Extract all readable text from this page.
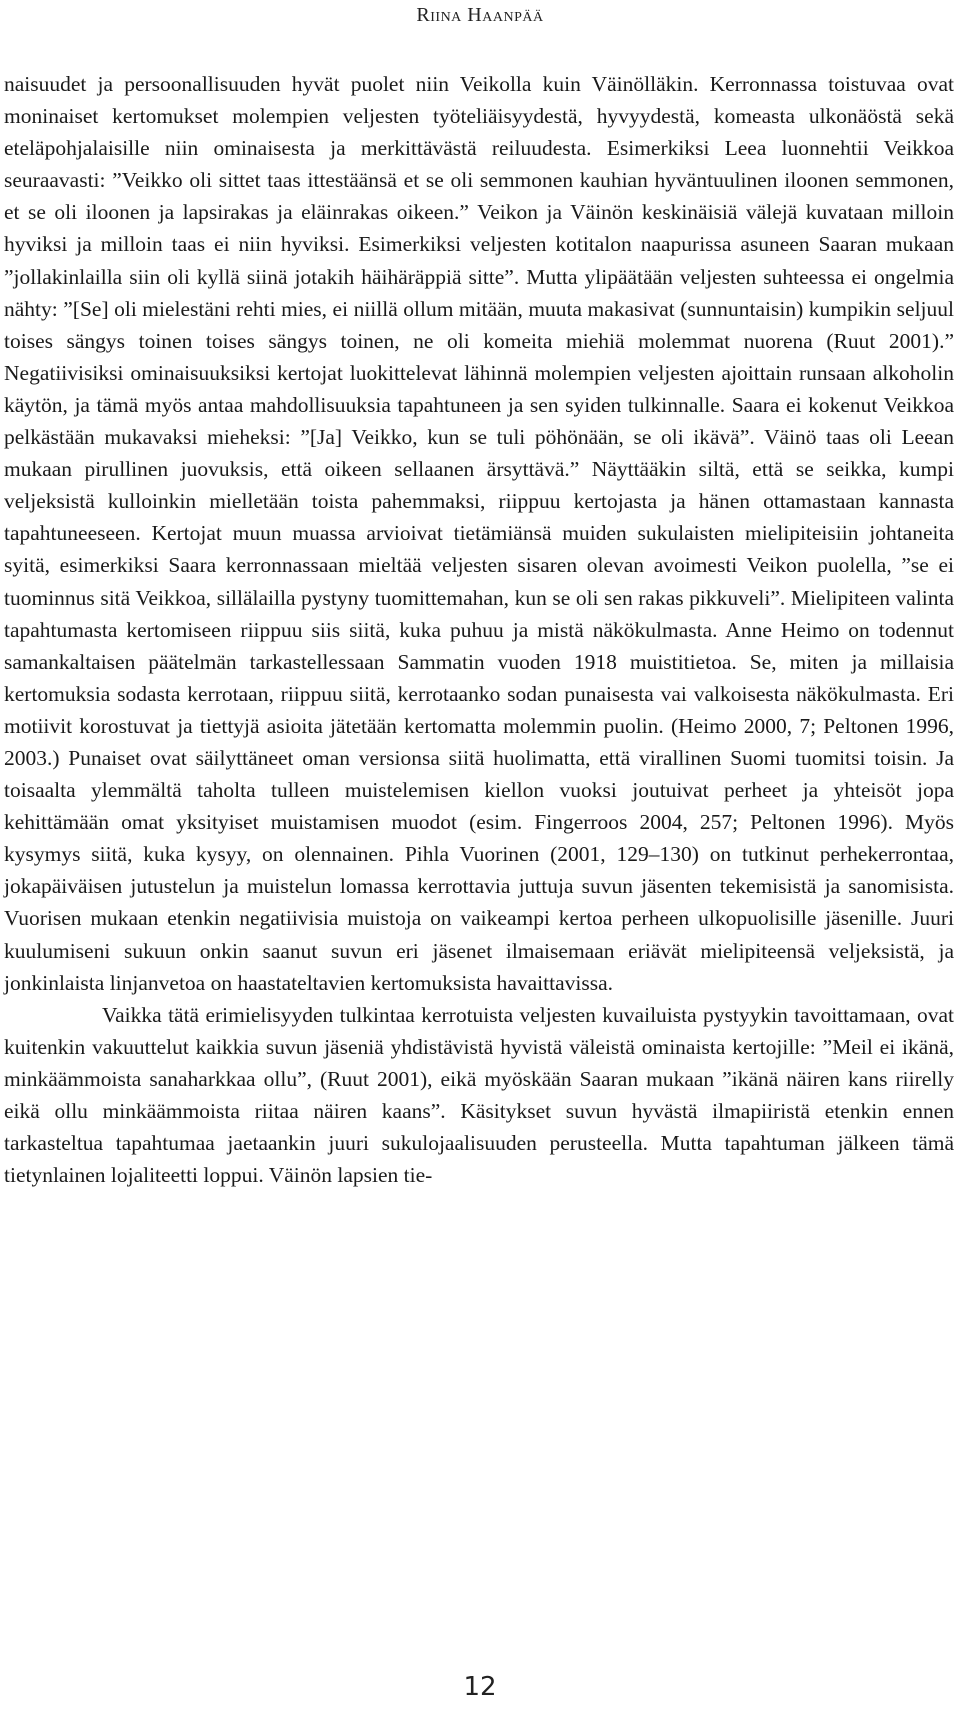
Riina Haanpää

naisuudet ja persoonallisuuden hyvät puolet niin Veikolla kuin Väinölläkin. Kerronnassa toistuvaa ovat moninaiset kertomukset molempien veljesten työteliäisyydestä, hyvyydestä, komeasta ulkonäöstä sekä eteläpohjalaisille niin ominaisesta ja merkittävästä reiluudesta. Esimerkiksi Leea luonnehtii Veikkoa seuraavasti: ”Veikko oli sittet taas ittestäänsä et se oli semmonen kauhian hyväntuulinen iloonen semmonen, et se oli iloonen ja lapsirakas ja eläinrakas oikeen.” Veikon ja Väinön keskinäisiä välejä kuvataan milloin hyviksi ja milloin taas ei niin hyviksi. Esimerkiksi veljesten kotitalon naapurissa asuneen Saaran mukaan ”jollakinlailla siin oli kyllä siinä jotakih häihäräppiä sitte”. Mutta ylipäätään veljesten suhteessa ei ongelmia nähty: ”[Se] oli mielestäni rehti mies, ei niillä ollum mitään, muuta makasivat (sunnuntaisin) kumpikin seljuul toises sängys toinen toises sängys toinen, ne oli komeita miehiä molemmat nuorena (Ruut 2001).” Negatiivisiksi ominaisuuksiksi kertojat luokittelevat lähinnä molempien veljesten ajoittain runsaan alkoholin käytön, ja tämä myös antaa mahdollisuuksia tapahtuneen ja sen syiden tulkinnalle. Saara ei kokenut Veikkoa pelkästään mukavaksi mieheksi: ”[Ja] Veikko, kun se tuli pöhönään, se oli ikävä”. Väinö taas oli Leean mukaan pirullinen juovuksis, että oikeen sellaanen ärsyttävä.” Näyttääkin siltä, että se seikka, kumpi veljeksistä kulloinkin mielletään toista pahemmaksi, riippuu kertojasta ja hänen ottamastaan kannasta tapahtuneeseen. Kertojat muun muassa arvioivat tietämiänsä muiden sukulaisten mielipiteisiin johtaneita syitä, esimerkiksi Saara kerronnassaan mieltää veljesten sisaren olevan avoimesti Veikon puolella, ”se ei tuominnus sitä Veikkoa, sillälailla pystyny tuomittemahan, kun se oli sen rakas pikkuveli”. Mielipiteen valinta tapahtumasta kertomiseen riippuu siis siitä, kuka puhuu ja mistä näkökulmasta. Anne Heimo on todennut samankaltaisen päätelmän tarkastellessaan Sammatin vuoden 1918 muistitietoa. Se, miten ja millaisia kertomuksia sodasta kerrotaan, riippuu siitä, kerrotaanko sodan punaisesta vai valkoisesta näkökulmasta. Eri motiivit korostuvat ja tiettyjä asioita jätetään kertomatta molemmin puolin. (Heimo 2000, 7; Peltonen 1996, 2003.) Punaiset ovat säilyttäneet oman versionsa siitä huolimatta, että virallinen Suomi tuomitsi toisin. Ja toisaalta ylemmältä taholta tulleen muistelemisen kiellon vuoksi joutuivat perheet ja yhteisöt jopa kehittämään omat yksityiset muistamisen muodot (esim. Fingerroos 2004, 257; Peltonen 1996). Myös kysymys siitä, kuka kysyy, on olennainen. Pihla Vuorinen (2001, 129–130) on tutkinut perhekerrontaa, jokapäiväisen jutustelun ja muistelun lomassa kerrottavia juttuja suvun jäsenten tekemisistä ja sanomisista. Vuorisen mukaan etenkin negatiivisia muistoja on vaikeampi kertoa perheen ulkopuolisille jäsenille. Juuri kuulumiseni sukuun onkin saanut suvun eri jäsenet ilmaisemaan eriävät mielipiteensä veljeksistä, ja jonkinlaista linjanvetoa on haastateltavien kertomuksista havaittavissa.

Vaikka tätä erimielisyyden tulkintaa kerrotuista veljesten kuvailuista pystyykin tavoittamaan, ovat kuitenkin vakuuttelut kaikkia suvun jäseniä yhdistävistä hyvistä väleistä ominaista kertojille: ”Meil ei ikänä, minkäämmoista sanaharkkaa ollu”, (Ruut 2001), eikä myöskään Saaran mukaan ”ikänä näiren kans riirelly eikä ollu minkäämmoista riitaa näiren kaans”. Käsitykset suvun hyvästä ilmapiiristä etenkin ennen tarkasteltua tapahtumaa jaetaankin juuri sukulojaalisuuden perusteella. Mutta tapahtuman jälkeen tämä tietynlainen lojaliteetti loppui. Väinön lapsien tie-

12
